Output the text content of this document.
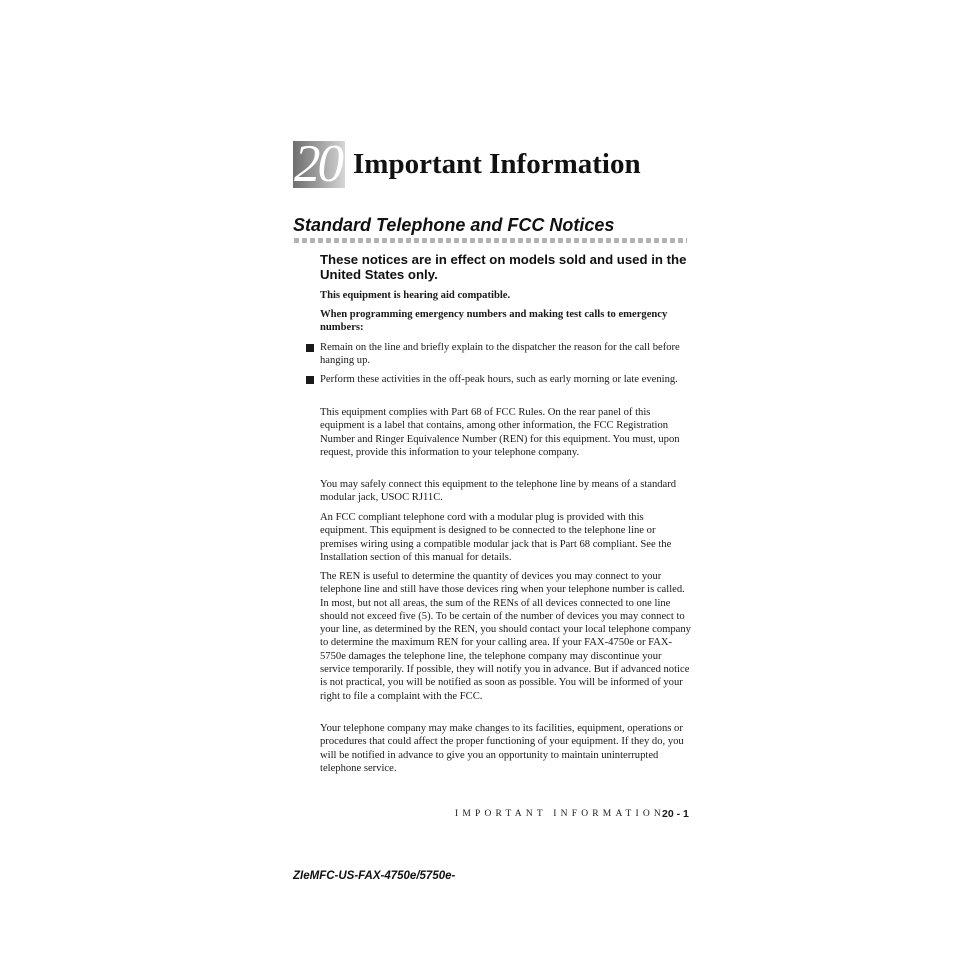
20 Important Information
Standard Telephone and FCC Notices
These notices are in effect on models sold and used in the United States only.
This equipment is hearing aid compatible.
When programming emergency numbers and making test calls to emergency numbers:
Remain on the line and briefly explain to the dispatcher the reason for the call before hanging up.
Perform these activities in the off-peak hours, such as early morning or late evening.
This equipment complies with Part 68 of FCC Rules. On the rear panel of this equipment is a label that contains, among other information, the FCC Registration Number and Ringer Equivalence Number (REN) for this equipment. You must, upon request, provide this information to your telephone company.
You may safely connect this equipment to the telephone line by means of a standard modular jack, USOC RJ11C.
An FCC compliant telephone cord with a modular plug is provided with this equipment. This equipment is designed to be connected to the telephone line or premises wiring using a compatible modular jack that is Part 68 compliant. See the Installation section of this manual for details.
The REN is useful to determine the quantity of devices you may connect to your telephone line and still have those devices ring when your telephone number is called. In most, but not all areas, the sum of the RENs of all devices connected to one line should not exceed five (5). To be certain of the number of devices you may connect to your line, as determined by the REN, you should contact your local telephone company to determine the maximum REN for your calling area. If your FAX-4750e or FAX-5750e damages the telephone line, the telephone company may discontinue your service temporarily. If possible, they will notify you in advance. But if advanced notice is not practical, you will be notified as soon as possible. You will be informed of your right to file a complaint with the FCC.
Your telephone company may make changes to its facilities, equipment, operations or procedures that could affect the proper functioning of your equipment. If they do, you will be notified in advance to give you an opportunity to maintain uninterrupted telephone service.
IMPORTANT INFORMATION
20 - 1
ZIeMFC-US-FAX-4750e/5750e-
